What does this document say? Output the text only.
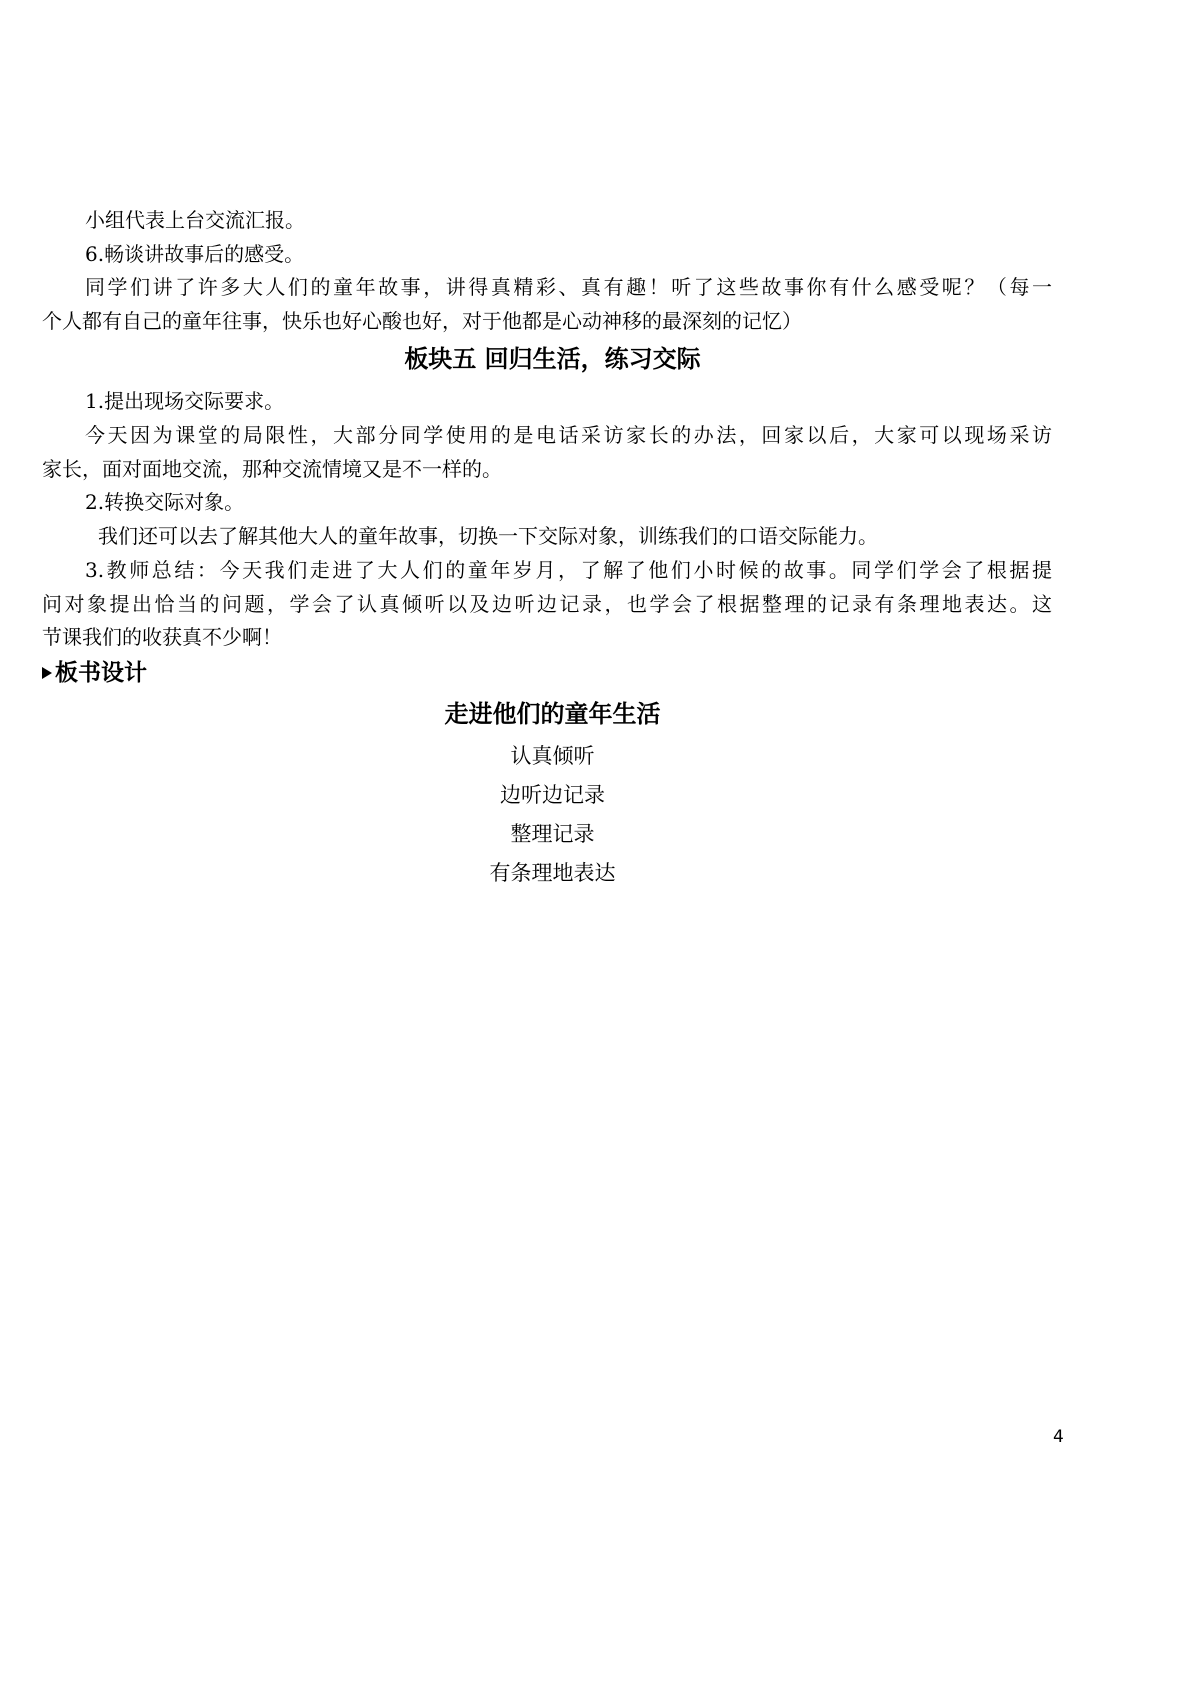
小组代表上台交流汇报。
6.畅谈讲故事后的感受。
同学们讲了许多大人们的童年故事，讲得真精彩、真有趣！听了这些故事你有什么感受呢？（每一
个人都有自己的童年往事，快乐也好心酸也好，对于他都是心动神移的最深刻的记忆）
板块五 回归生活，练习交际
1.提出现场交际要求。
今天因为课堂的局限性，大部分同学使用的是电话采访家长的办法，回家以后，大家可以现场采访
家长，面对面地交流，那种交流情境又是不一样的。
2.转换交际对象。
我们还可以去了解其他大人的童年故事，切换一下交际对象，训练我们的口语交际能力。
3.教师总结：今天我们走进了大人们的童年岁月，了解了他们小时候的故事。同学们学会了根据提
问对象提出恰当的问题，学会了认真倾听以及边听边记录，也学会了根据整理的记录有条理地表达。这
节课我们的收获真不少啊！
板书设计
走进他们的童年生活
认真倾听
边听边记录
整理记录
有条理地表达
4
